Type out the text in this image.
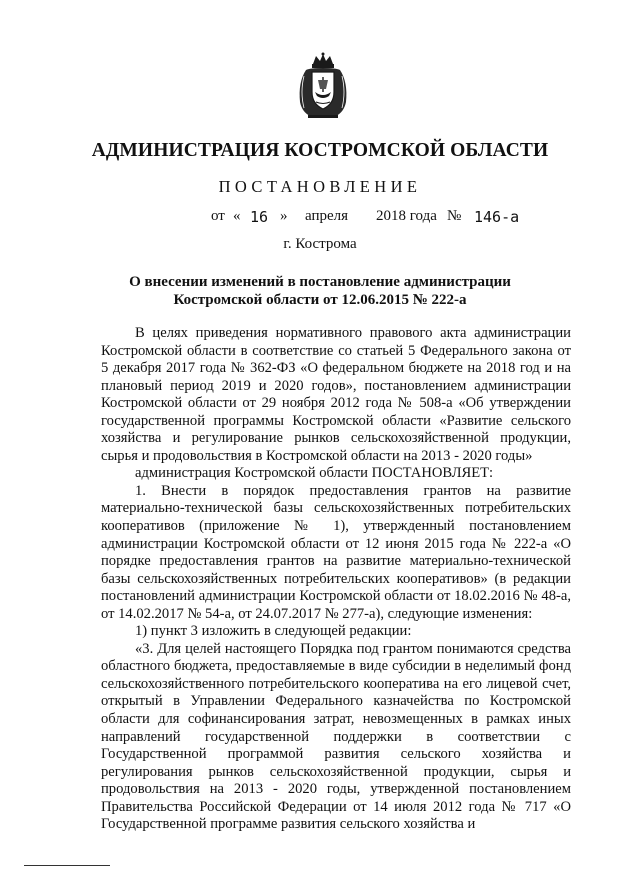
АДМИНИСТРАЦИЯ КОСТРОМСКОЙ ОБЛАСТИ
ПОСТАНОВЛЕНИЕ
от « 16 » апреля 2018 года № 146-а
г. Кострома
О внесении изменений в постановление администрации
Костромской области от 12.06.2015 № 222-а

В целях приведения нормативного правового акта администрации Костромской области в соответствие со статьей 5 Федерального закона от 5 декабря 2017 года № 362-ФЗ «О федеральном бюджете на 2018 год и на плановый период 2019 и 2020 годов», постановлением администрации Костромской области от 29 ноября 2012 года № 508-а «Об утверждении государственной программы Костромской области «Развитие сельского хозяйства и регулирование рынков сельскохозяйственной продукции, сырья и продовольствия в Костромской области на 2013 - 2020 годы»

администрация Костромской области ПОСТАНОВЛЯЕТ:

1. Внести в порядок предоставления грантов на развитие материально-технической базы сельскохозяйственных потребительских кооперативов (приложение № 1), утвержденный постановлением администрации Костромской области от 12 июня 2015 года № 222-а «О порядке предоставления грантов на развитие материально-технической базы сельскохозяйственных потребительских кооперативов» (в редакции постановлений администрации Костромской области от 18.02.2016 № 48-а, от 14.02.2017 № 54-а, от 24.07.2017 № 277-а), следующие изменения:

1) пункт 3 изложить в следующей редакции:

«3. Для целей настоящего Порядка под грантом понимаются средства областного бюджета, предоставляемые в виде субсидии в неделимый фонд сельскохозяйственного потребительского кооператива на его лицевой счет, открытый в Управлении Федерального казначейства по Костромской области для софинансирования затрат, невозмещенных в рамках иных направлений государственной поддержки в соответствии с Государственной программой развития сельского хозяйства и регулирования рынков сельскохозяйственной продукции, сырья и продовольствия на 2013 - 2020 годы, утвержденной постановлением Правительства Российской Федерации от 14 июля 2012 года № 717 «О Государственной программе развития сельского хозяйства и
